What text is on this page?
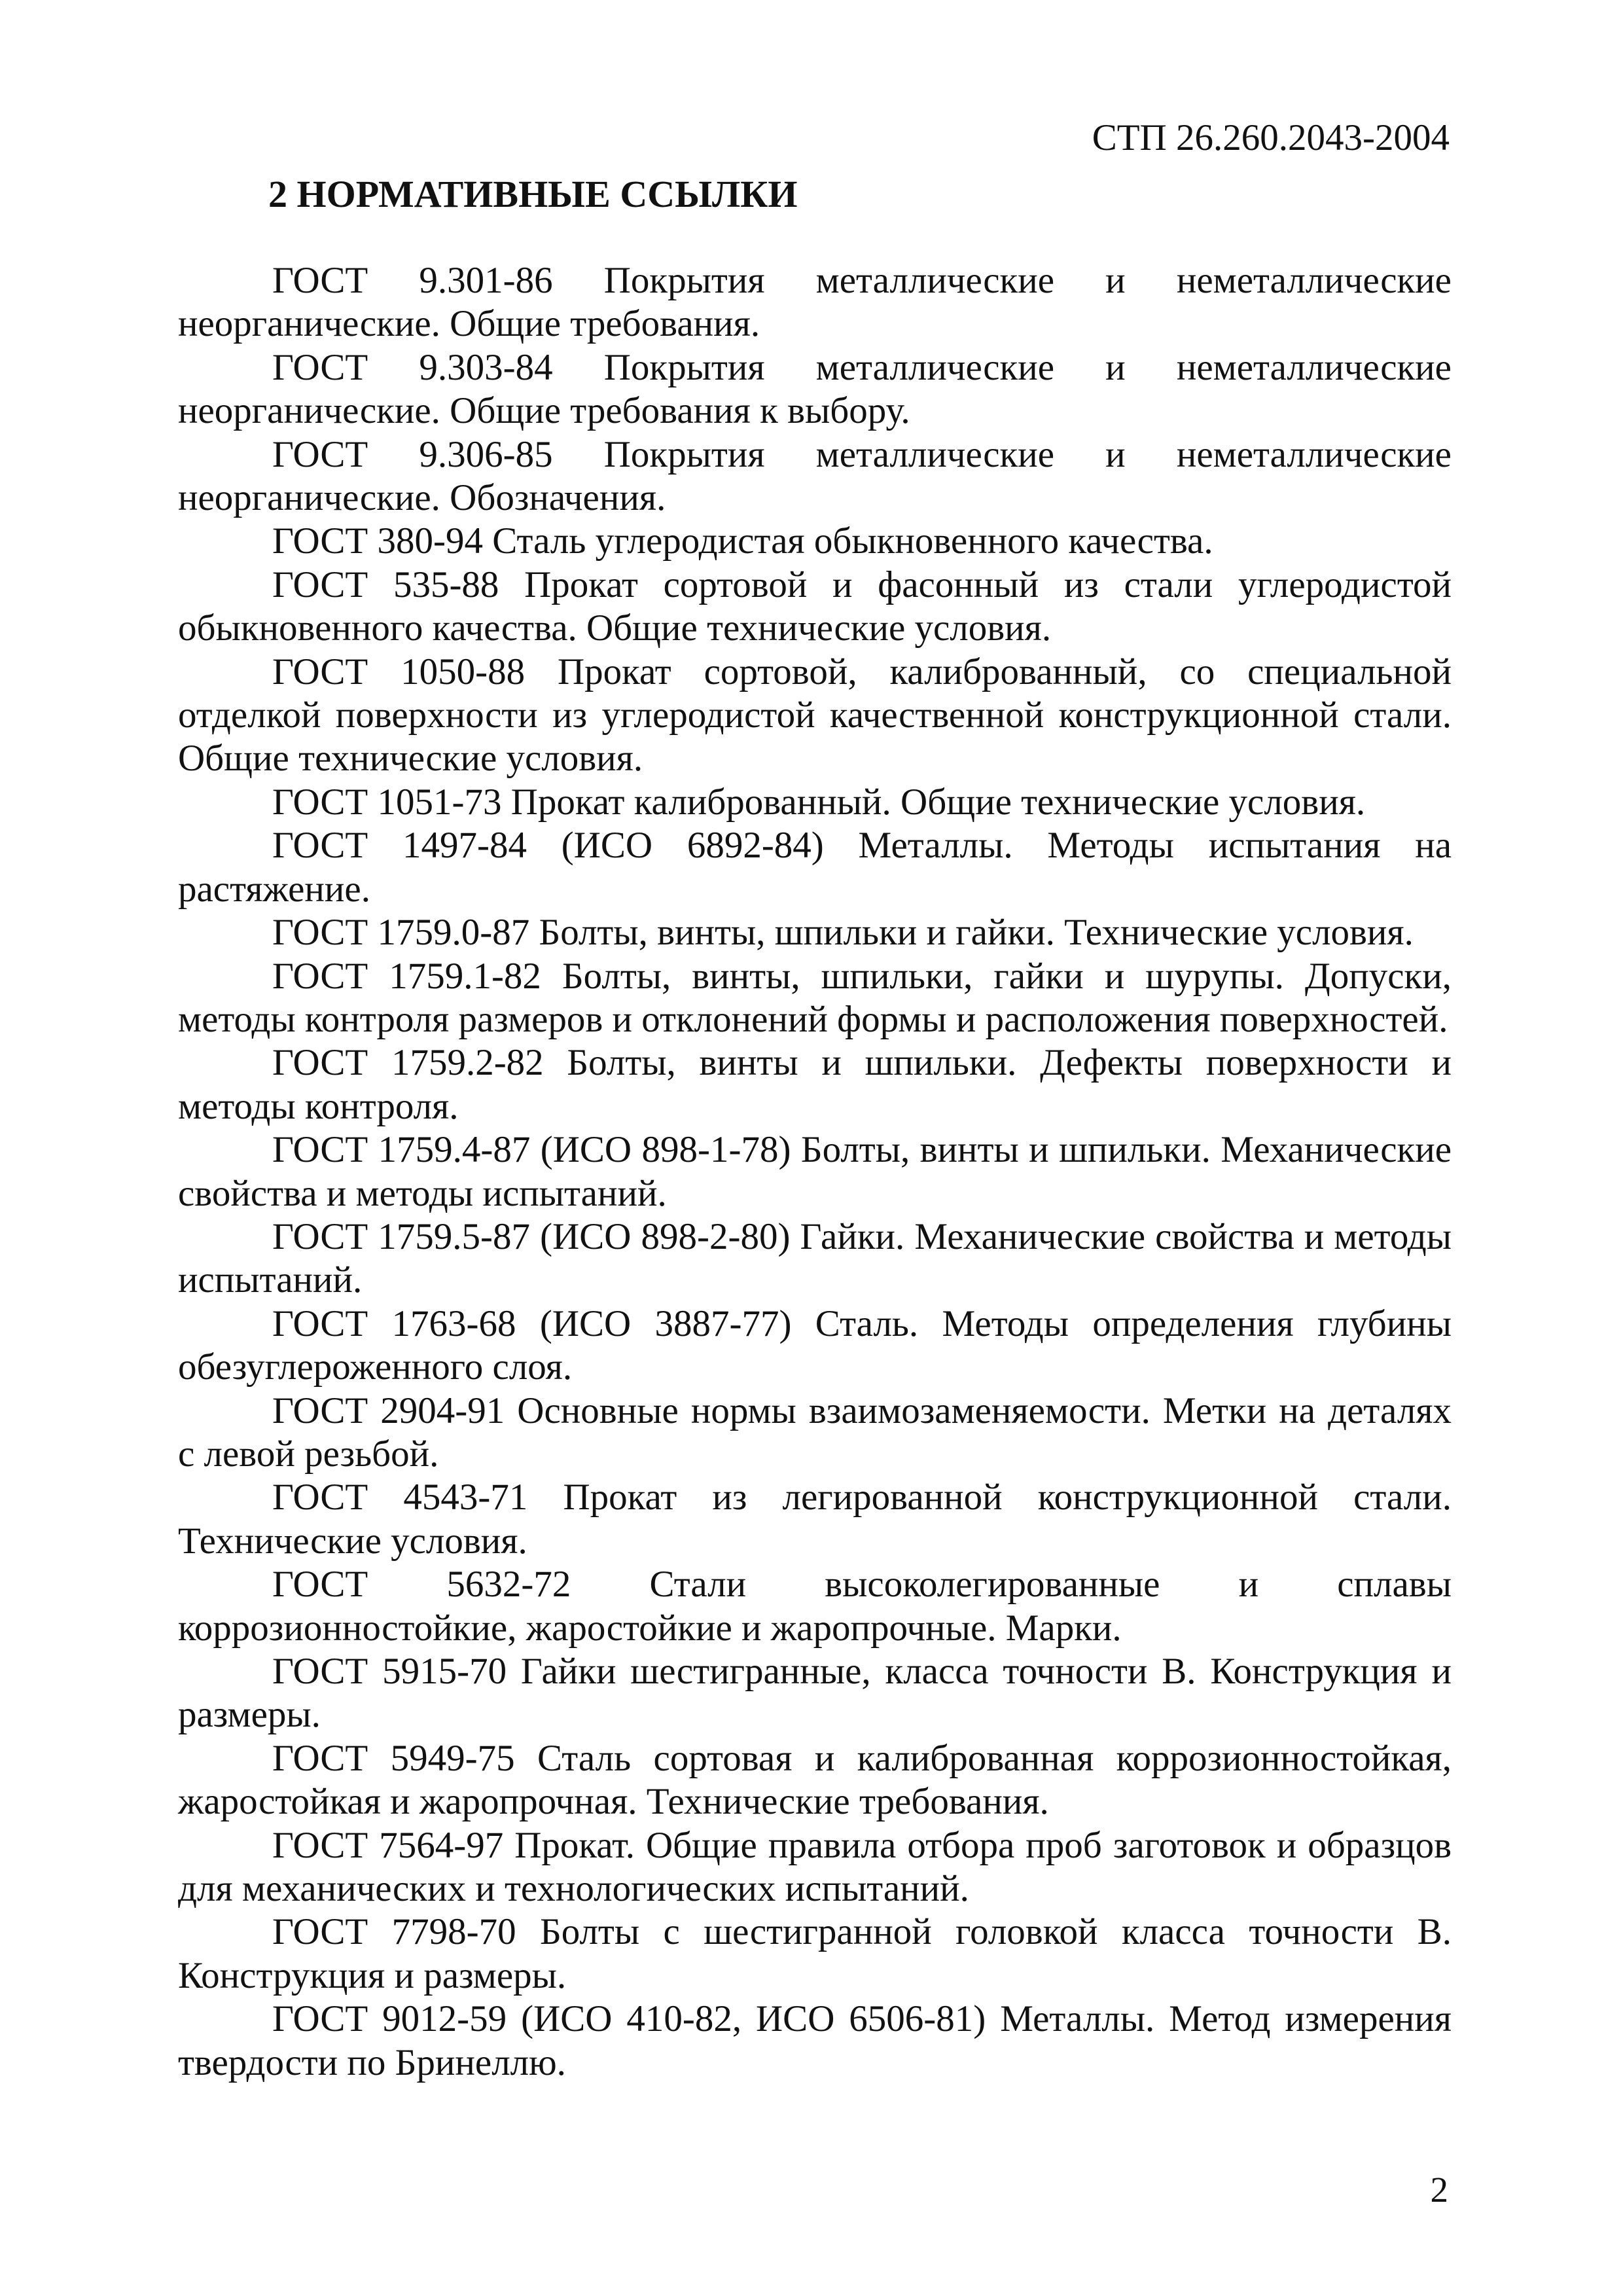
СТП 26.260.2043-2004
2 НОРМАТИВНЫЕ ССЫЛКИ

ГОСТ 9.301-86 Покрытия металлические и неметаллические неорганические. Общие требования.

ГОСТ 9.303-84 Покрытия металлические и неметаллические неорганические. Общие требования к выбору.

ГОСТ 9.306-85 Покрытия металлические и неметаллические неорганические. Обозначения.

ГОСТ 380-94 Сталь углеродистая обыкновенного качества.

ГОСТ 535-88 Прокат сортовой и фасонный из стали углеродистой обыкновенного качества. Общие технические условия.

ГОСТ 1050-88 Прокат сортовой, калиброванный, со специальной отделкой поверхности из углеродистой качественной конструкционной стали. Общие технические условия.

ГОСТ 1051-73 Прокат калиброванный. Общие технические условия.

ГОСТ 1497-84 (ИСО 6892-84) Металлы. Методы испытания на растяжение.

ГОСТ 1759.0-87 Болты, винты, шпильки и гайки. Технические условия.

ГОСТ 1759.1-82 Болты, винты, шпильки, гайки и шурупы. Допуски, методы контроля размеров и отклонений формы и расположения поверхностей.

ГОСТ 1759.2-82 Болты, винты и шпильки. Дефекты поверхности и методы контроля.

ГОСТ 1759.4-87 (ИСО 898-1-78) Болты, винты и шпильки. Механические свойства и методы испытаний.

ГОСТ 1759.5-87 (ИСО 898-2-80) Гайки. Механические свойства и методы испытаний.

ГОСТ 1763-68 (ИСО 3887-77) Сталь. Методы определения глубины обезуглероженного слоя.

ГОСТ 2904-91 Основные нормы взаимозаменяемости. Метки на деталях с левой резьбой.

ГОСТ 4543-71 Прокат из легированной конструкционной стали. Технические условия.

ГОСТ 5632-72 Стали высоколегированные и сплавы коррозионностойкие, жаростойкие и жаропрочные. Марки.

ГОСТ 5915-70 Гайки шестигранные, класса точности В. Конструкция и размеры.

ГОСТ 5949-75 Сталь сортовая и калиброванная коррозионностойкая, жаростойкая и жаропрочная. Технические требования.

ГОСТ 7564-97 Прокат. Общие правила отбора проб заготовок и образцов для механических и технологических испытаний.

ГОСТ 7798-70 Болты с шестигранной головкой класса точности В. Конструкция и размеры.

ГОСТ 9012-59 (ИСО 410-82, ИСО 6506-81) Металлы. Метод измерения твердости по Бринеллю.

2
